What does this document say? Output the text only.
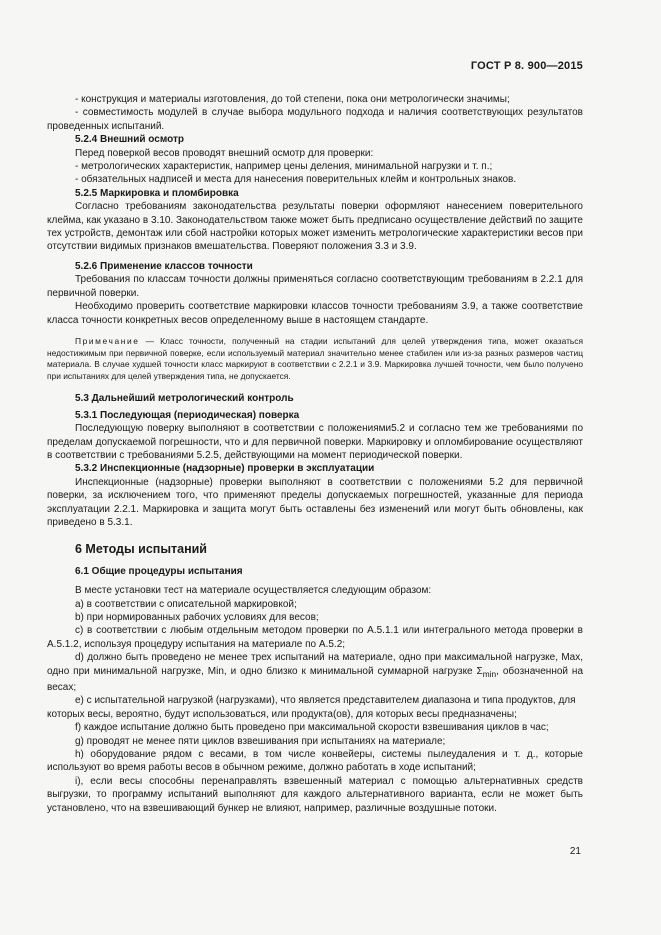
ГОСТ Р 8. 900—2015

- конструкция и материалы изготовления, до той степени, пока они метрологически значимы;

- совместимость модулей в случае выбора модульного подхода и наличия соответствующих результатов проведенных испытаний.

5.2.4 Внешний осмотр

Перед поверкой весов проводят внешний осмотр для проверки:

- метрологических характеристик, например цены деления, минимальной нагрузки и т. п.;

- обязательных надписей и места для нанесения поверительных клейм и контрольных знаков.

5.2.5 Маркировка и пломбировка

Согласно требованиям законодательства результаты поверки оформляют нанесением поверительного клейма, как указано в 3.10. Законодательством также может быть предписано осуществление действий по защите тех устройств, демонтаж или сбой настройки которых может изменить метрологические характеристики весов при отсутствии видимых признаков вмешательства. Поверяют положения 3.3 и 3.9.

5.2.6 Применение классов точности

Требования по классам точности должны применяться согласно соответствующим требованиям в 2.2.1 для первичной поверки.

Необходимо проверить соответствие маркировки классов точности требованиям 3.9, а также соответствие класса точности конкретных весов определенному выше в настоящем стандарте.

Примечание — Класс точности, полученный на стадии испытаний для целей утверждения типа, может оказаться недостижимым при первичной поверке, если используемый материал значительно менее стабилен или из-за разных размеров частиц материала. В случае худшей точности класс маркируют в соответствии с 2.2.1 и 3.9. Маркировка лучшей точности, чем было получено при испытаниях для целей утверждения типа, не допускается.

5.3 Дальнейший метрологический контроль

5.3.1 Последующая (периодическая) поверка

Последующую поверку выполняют в соответствии с положениями5.2 и согласно тем же требованиями по пределам допускаемой погрешности, что и для первичной поверки. Маркировку и опломбирование осуществляют в соответствии с требованиями 5.2.5, действующими на момент периодической поверки.

5.3.2 Инспекционные (надзорные) проверки в эксплуатации

Инспекционные (надзорные) проверки выполняют в соответствии с положениями 5.2 для первичной поверки, за исключением того, что применяют пределы допускаемых погрешностей, указанные для периода эксплуатации 2.2.1. Маркировка и защита могут быть оставлены без изменений или могут быть обновлены, как приведено в 5.3.1.

6 Методы испытаний

6.1 Общие процедуры испытания

В месте установки тест на материале осуществляется следующим образом:

a) в соответствии с описательной маркировкой;

b) при нормированных рабочих условиях для весов;

c) в соответствии с любым отдельным методом проверки по А.5.1.1 или интегрального метода проверки в А.5.1.2, используя процедуру испытания на материале по А.5.2;

d) должно быть проведено не менее трех испытаний на материале, одно при максимальной нагрузке, Max, одно при минимальной нагрузке, Min, и одно близко к минимальной суммарной нагрузке $\Sigma_{min}$, обозначенной на весах;

e) с испытательной нагрузкой (нагрузками), что является представителем диапазона и типа продуктов, для которых весы, вероятно, будут использоваться, или продукта(ов), для которых весы предназначены;

f) каждое испытание должно быть проведено при максимальной скорости взвешивания циклов в час;

g) проводят не менее пяти циклов взвешивания при испытаниях на материале;

h) оборудование рядом с весами, в том числе конвейеры, системы пылеудаления и т. д., которые используют во время работы весов в обычном режиме, должно работать в ходе испытаний;

i), если весы способны перенаправлять взвешенный материал с помощью альтернативных средств выгрузки, то программу испытаний выполняют для каждого альтернативного варианта, если не может быть установлено, что на взвешивающий бункер не влияют, например, различные воздушные потоки.

21
